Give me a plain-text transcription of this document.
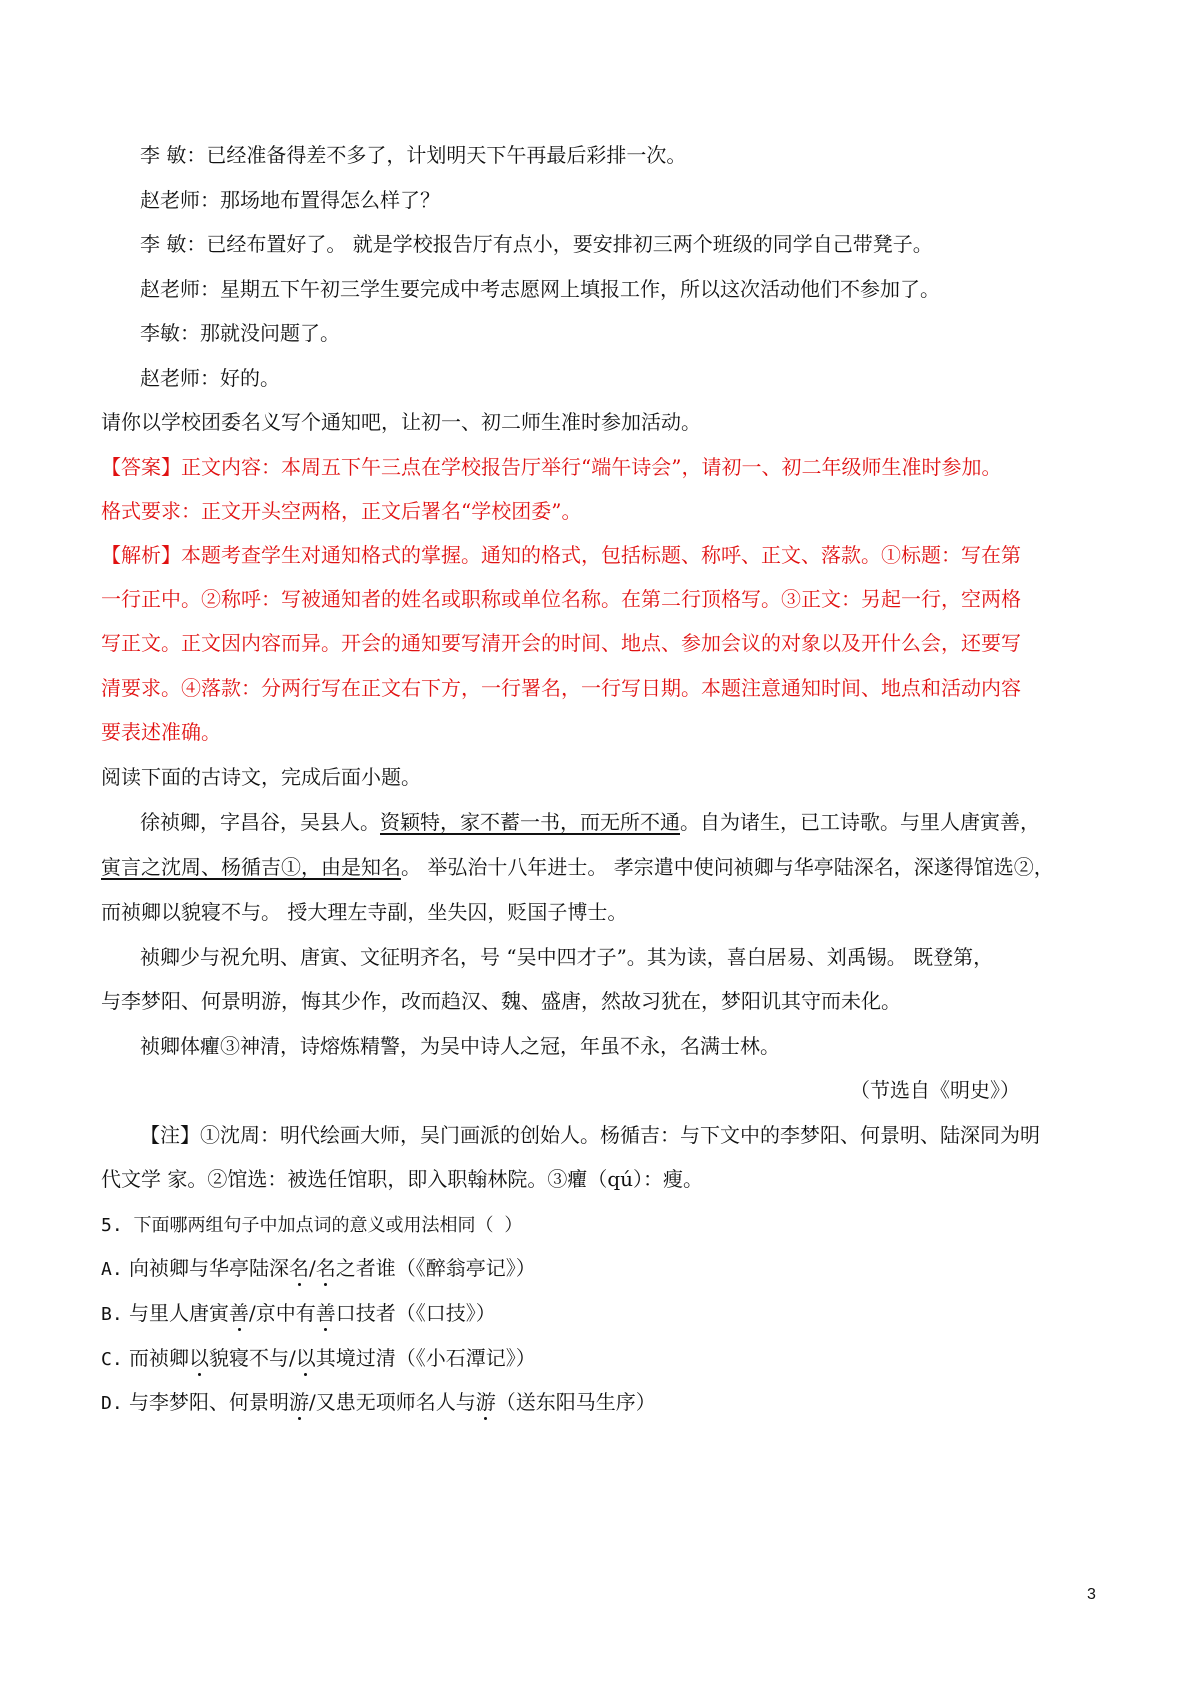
李 敏：已经准备得差不多了，计划明天下午再最后彩排一次。
赵老师：那场地布置得怎么样了？
李 敏：已经布置好了。 就是学校报告厅有点小，要安排初三两个班级的同学自己带凳子。
赵老师：星期五下午初三学生要完成中考志愿网上填报工作，所以这次活动他们不参加了。
李敏：那就没问题了。
赵老师：好的。
请你以学校团委名义写个通知吧，让初一、初二师生准时参加活动。
【答案】正文内容：本周五下午三点在学校报告厅举行“端午诗会”，请初一、初二年级师生准时参加。
格式要求：正文开头空两格，正文后署名“学校团委”。
【解析】本题考查学生对通知格式的掌握。通知的格式，包括标题、称呼、正文、落款。①标题：写在第
一行正中。②称呼：写被通知者的姓名或职称或单位名称。在第二行顶格写。③正文：另起一行，空两格
写正文。正文因内容而异。开会的通知要写清开会的时间、地点、参加会议的对象以及开什么会，还要写
清要求。④落款：分两行写在正文右下方，一行署名，一行写日期。本题注意通知时间、地点和活动内容
要表述准确。
阅读下面的古诗文，完成后面小题。
徐祯卿，字昌谷，吴县人。资颖特，家不蓄一书，而无所不通。自为诸生，已工诗歌。与里人唐寅善，
寅言之沈周、杨循吉①，由是知名。 举弘治十八年进士。 孝宗遣中使问祯卿与华亭陆深名，深遂得馆选②，
而祯卿以貌寝不与。 授大理左寺副，坐失囚，贬国子博士。
祯卿少与祝允明、唐寅、文征明齐名，号 “吴中四才子”。其为读，喜白居易、刘禹锡。 既登第，
与李梦阳、何景明游，悔其少作，改而趋汉、魏、盛唐，然故习犹在，梦阳讥其守而未化。
祯卿体癯③神清，诗熔炼精警，为吴中诗人之冠，年虽不永，名满士林。
（节选自《明史》）
【注】①沈周：明代绘画大师，吴门画派的创始人。杨循吉：与下文中的李梦阳、何景明、陆深同为明
代文学 家。②馆选：被选任馆职，即入职翰林院。③癯（qú）：瘦。
5. 下面哪两组句子中加点词的意义或用法相同（ ）
A. 向祯卿与华亭陆深名/名之者谁（《醉翁亭记》）
B. 与里人唐寅善/京中有善口技者（《口技》）
C. 而祯卿以貌寝不与/以其境过清（《小石潭记》）
D. 与李梦阳、何景明游/又患无项师名人与游（送东阳马生序）
3
